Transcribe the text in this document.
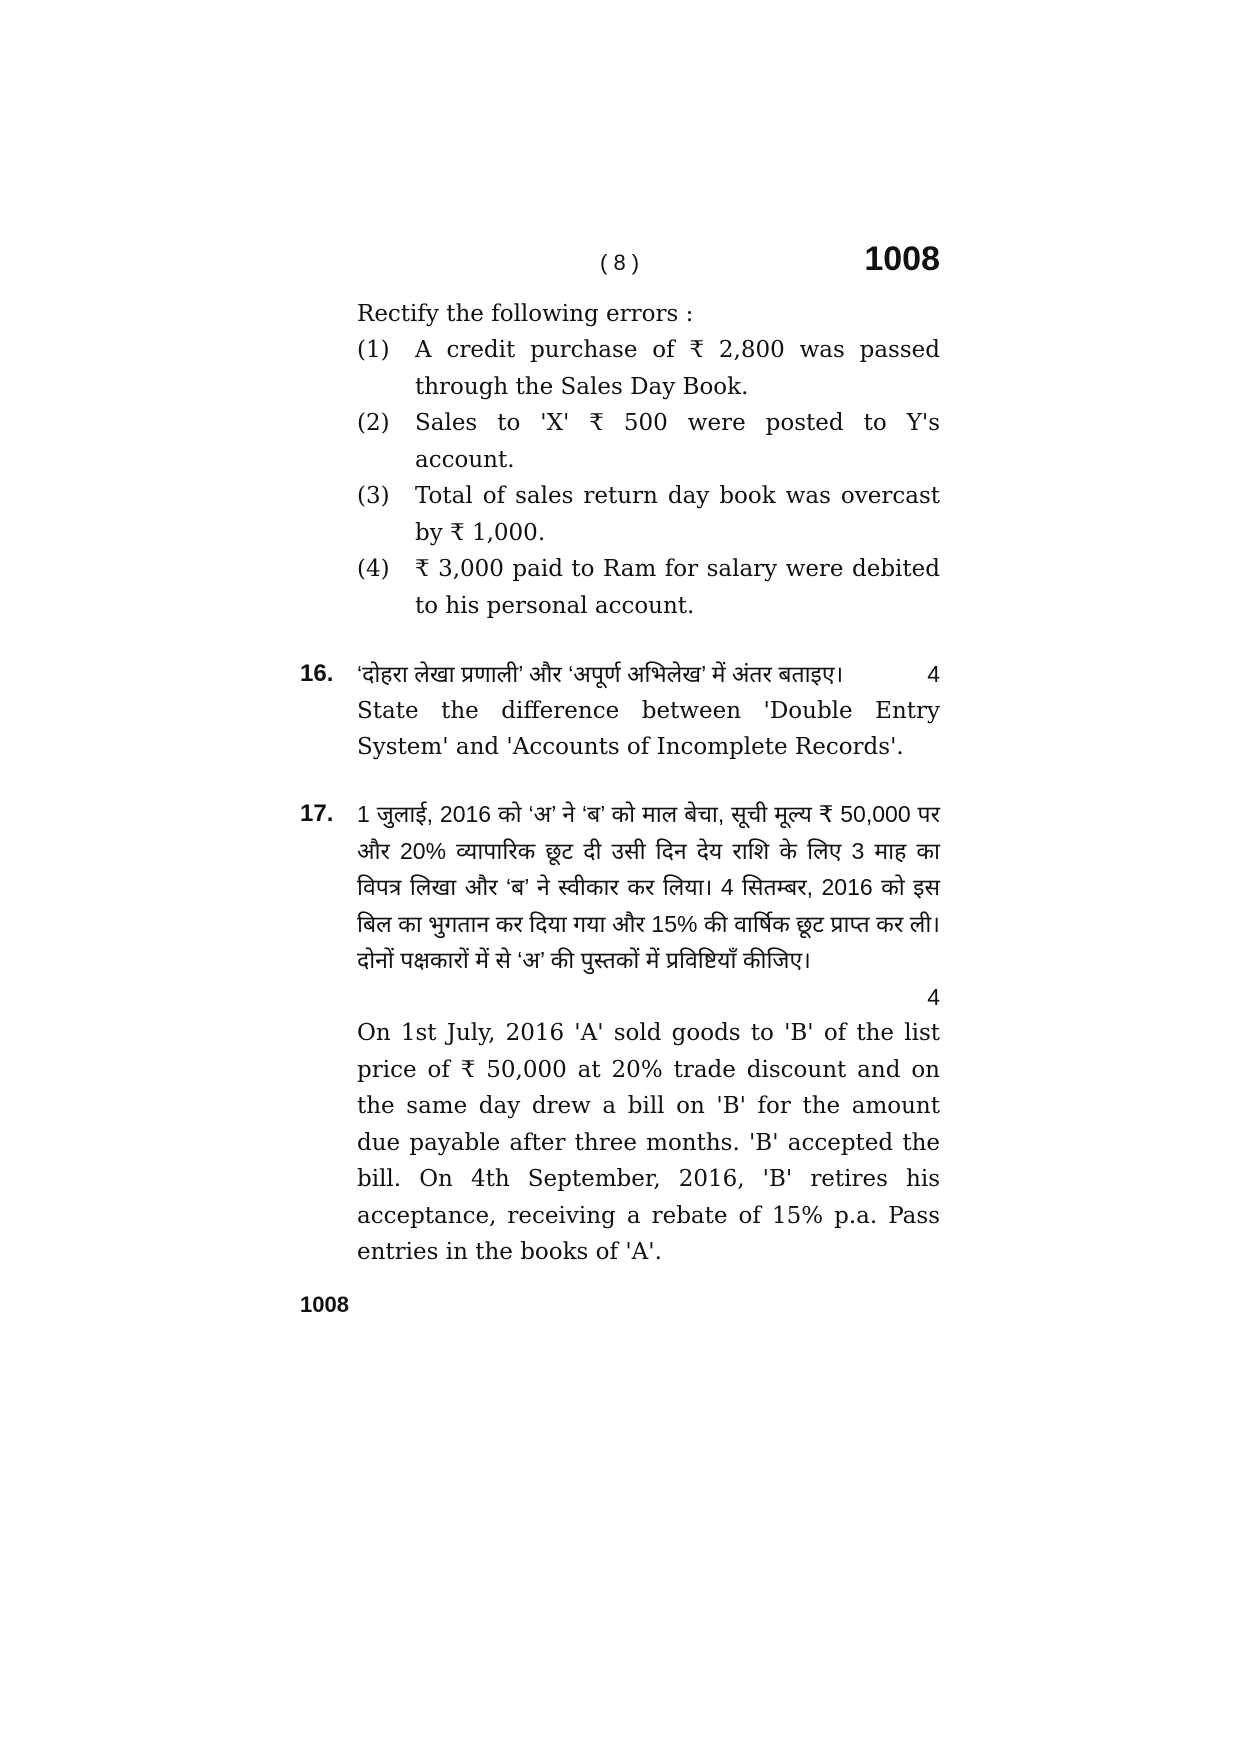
( 8 )	1008
Rectify the following errors :
(1)	A credit purchase of ₹ 2,800 was passed through the Sales Day Book.
(2)	Sales to 'X' ₹ 500 were posted to Y's account.
(3)	Total of sales return day book was overcast by ₹ 1,000.
(4)	₹ 3,000 paid to Ram for salary were debited to his personal account.
16. ‘दोहरा लेखा प्रणाली’ और ‘अपूर्ण अभिलेख’ में अंतर बताइए।	4
State the difference between 'Double Entry System' and 'Accounts of Incomplete Records'.
17. 1 जुलाई, 2016 को ‘अ’ ने ‘ब’ को माल बेचा, सूची मूल्य ₹ 50,000 पर और 20% व्यापारिक छूट दी उसी दिन देय राशि के लिए 3 माह का विपत्र लिखा और ‘ब’ ने स्वीकार कर लिया। 4 सितम्बर, 2016 को इस बिल का भुगतान कर दिया गया और 15% की वार्षिक छूट प्राप्त कर ली। दोनों पक्षकारों में से ‘अ’ की पुस्तकों में प्रविष्टियाँ कीजिए।
4
On 1st July, 2016 'A' sold goods to 'B' of the list price of ₹ 50,000 at 20% trade discount and on the same day drew a bill on 'B' for the amount due payable after three months. 'B' accepted the bill. On 4th September, 2016, 'B' retires his acceptance, receiving a rebate of 15% p.a. Pass entries in the books of 'A'.
1008
